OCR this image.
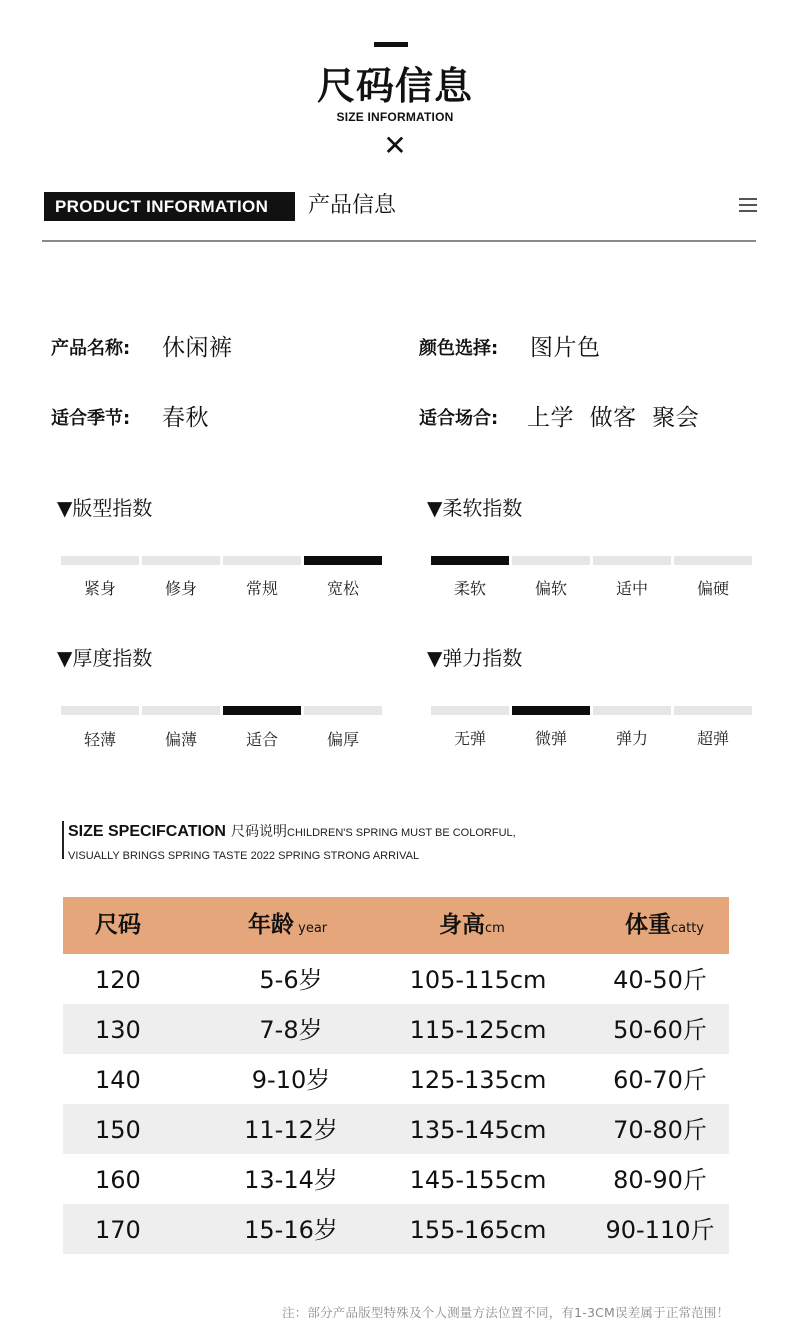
尺码信息
SIZE INFORMATION
✕
PRODUCT INFORMATION	产品信息
产品名称: 休闲裤	颜色选择: 图片色
适合季节: 春秋	适合场合: 上学  做客  聚会
▼版型指数
紧身	修身	常规	宽松
▼柔软指数
柔软	偏软	适中	偏硬
▼厚度指数
轻薄	偏薄	适合	偏厚
▼弹力指数
无弹	微弹	弹力	超弹
SIZE SPECIFCATION 尺码说明CHILDREN'S SPRING MUST BE COLORFUL,
VISUALLY BRINGS SPRING TASTE 2022 SPRING STRONG ARRIVAL
尺码	年龄 year	身高cm	体重catty
120	5-6岁	105-115cm	40-50斤
130	7-8岁	115-125cm	50-60斤
140	9-10岁	125-135cm	60-70斤
150	11-12岁	135-145cm	70-80斤
160	13-14岁	145-155cm	80-90斤
170	15-16岁	155-165cm	90-110斤
注：部分产品版型特殊及个人测量方法位置不同，有1-3CM误差属于正常范围！
